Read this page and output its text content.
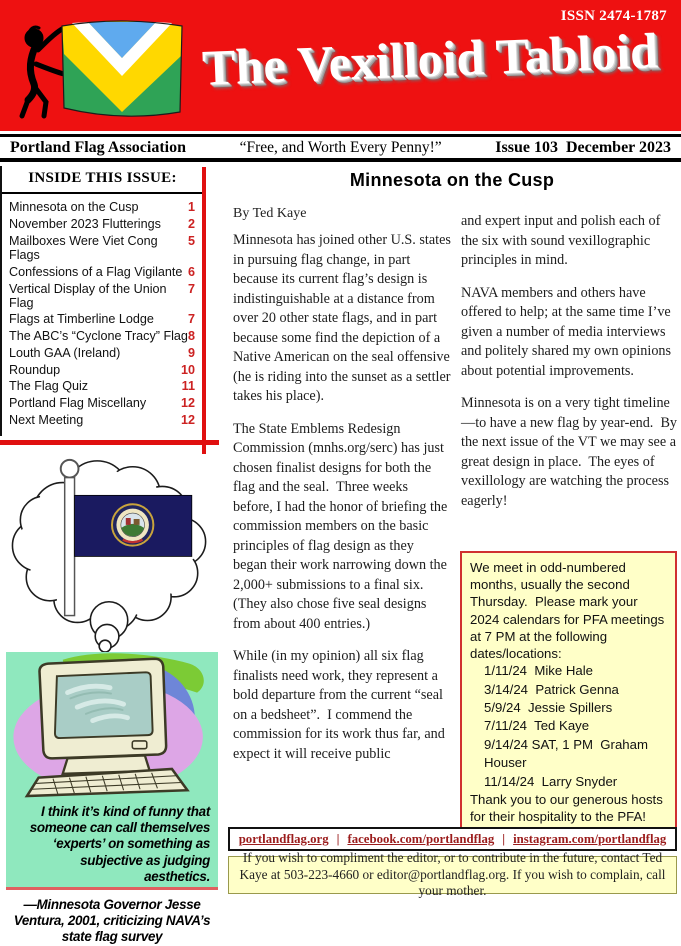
ISSN 2474-1787
The Vexilloid Tabloid
Portland Flag Association	“Free, and Worth Every Penny!”	Issue 103  December 2023
INSIDE THIS ISSUE:
Minnesota on the Cusp	1
November 2023 Flutterings 2
Mailboxes Were Viet Cong Flags
5
Confessions of a Flag Vigilante 6
Vertical Display of the Union Flag
7
Flags at Timberline Lodge	7
The ABC’s “Cyclone Tracy” Flag 8
Louth GAA (Ireland)	9
Roundup	10
The Flag Quiz	11
Portland Flag Miscellany	12
Next Meeting	12
I think it’s kind of funny that someone can call themselves ‘experts’ on something as subjective as judging aesthetics.
—Minnesota Governor Jesse Ventura, 2001, criticizing NAVA’s state flag survey
Minnesota on the Cusp
By Ted Kaye

Minnesota has joined other U.S. states in pursuing flag change, in part because its current flag’s design is indistinguishable at a distance from over 20 other state flags, and in part because some find the depiction of a Native American on the seal offensive (he is riding into the sunset as a settler takes his place).

The State Emblems Redesign Commission (mnhs.org/serc) has just chosen finalist designs for both the flag and the seal.  Three weeks before, I had the honor of briefing the commission members on the basic principles of flag design as they began their work narrowing down the 2,000+ submissions to a final six.  (They also chose five seal designs from about 400 entries.)

While (in my opinion) all six flag finalists need work, they represent a bold departure from the current “seal on a bedsheet”.  I commend the commission for its work thus far, and expect it will receive public

and expert input and polish each of the six with sound vexillographic principles in mind.

NAVA members and others have offered to help; at the same time I’ve given a number of media interviews and politely shared my own opinions about potential improvements.

Minnesota is on a very tight timeline—to have a new flag by year-end.  By the next issue of the VT we may see a great design in place.  The eyes of vexillology are watching the process eagerly!

We meet in odd-numbered months, usually the second Thursday.  Please mark your 2024 calendars for PFA meetings at 7 PM at the following dates/locations:
1/11/24  Mike Hale
3/14/24  Patrick Genna
5/9/24  Jessie Spillers
7/11/24  Ted Kaye
9/14/24 SAT, 1 PM  Graham Houser
11/14/24  Larry Snyder
Thank you to our generous hosts for their hospitality to the PFA!
portlandflag.org | facebook.com/portlandflag | instagram.com/portlandflag
If you wish to compliment the editor, or to contribute in the future, contact Ted Kaye at 503-223-4660 or editor@portlandflag.org. If you wish to complain, call your mother.
